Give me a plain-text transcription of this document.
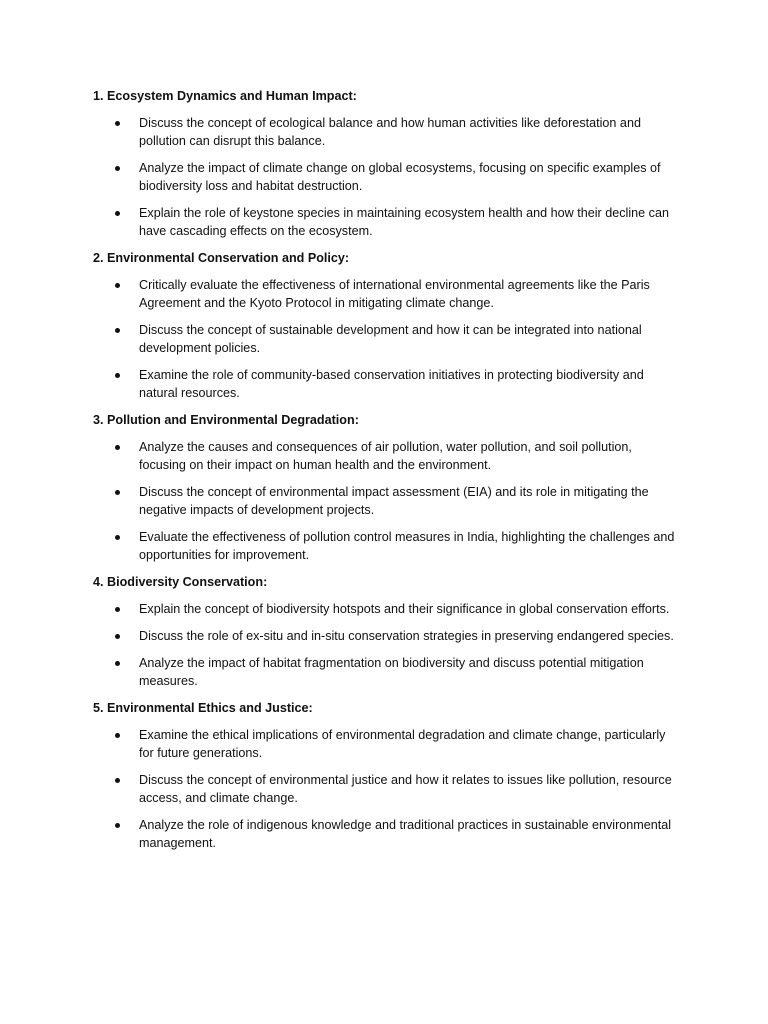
1. Ecosystem Dynamics and Human Impact:
Discuss the concept of ecological balance and how human activities like deforestation and pollution can disrupt this balance.
Analyze the impact of climate change on global ecosystems, focusing on specific examples of biodiversity loss and habitat destruction.
Explain the role of keystone species in maintaining ecosystem health and how their decline can have cascading effects on the ecosystem.
2. Environmental Conservation and Policy:
Critically evaluate the effectiveness of international environmental agreements like the Paris Agreement and the Kyoto Protocol in mitigating climate change.
Discuss the concept of sustainable development and how it can be integrated into national development policies.
Examine the role of community-based conservation initiatives in protecting biodiversity and natural resources.
3. Pollution and Environmental Degradation:
Analyze the causes and consequences of air pollution, water pollution, and soil pollution, focusing on their impact on human health and the environment.
Discuss the concept of environmental impact assessment (EIA) and its role in mitigating the negative impacts of development projects.
Evaluate the effectiveness of pollution control measures in India, highlighting the challenges and opportunities for improvement.
4. Biodiversity Conservation:
Explain the concept of biodiversity hotspots and their significance in global conservation efforts.
Discuss the role of ex-situ and in-situ conservation strategies in preserving endangered species.
Analyze the impact of habitat fragmentation on biodiversity and discuss potential mitigation measures.
5. Environmental Ethics and Justice:
Examine the ethical implications of environmental degradation and climate change, particularly for future generations.
Discuss the concept of environmental justice and how it relates to issues like pollution, resource access, and climate change.
Analyze the role of indigenous knowledge and traditional practices in sustainable environmental management.
